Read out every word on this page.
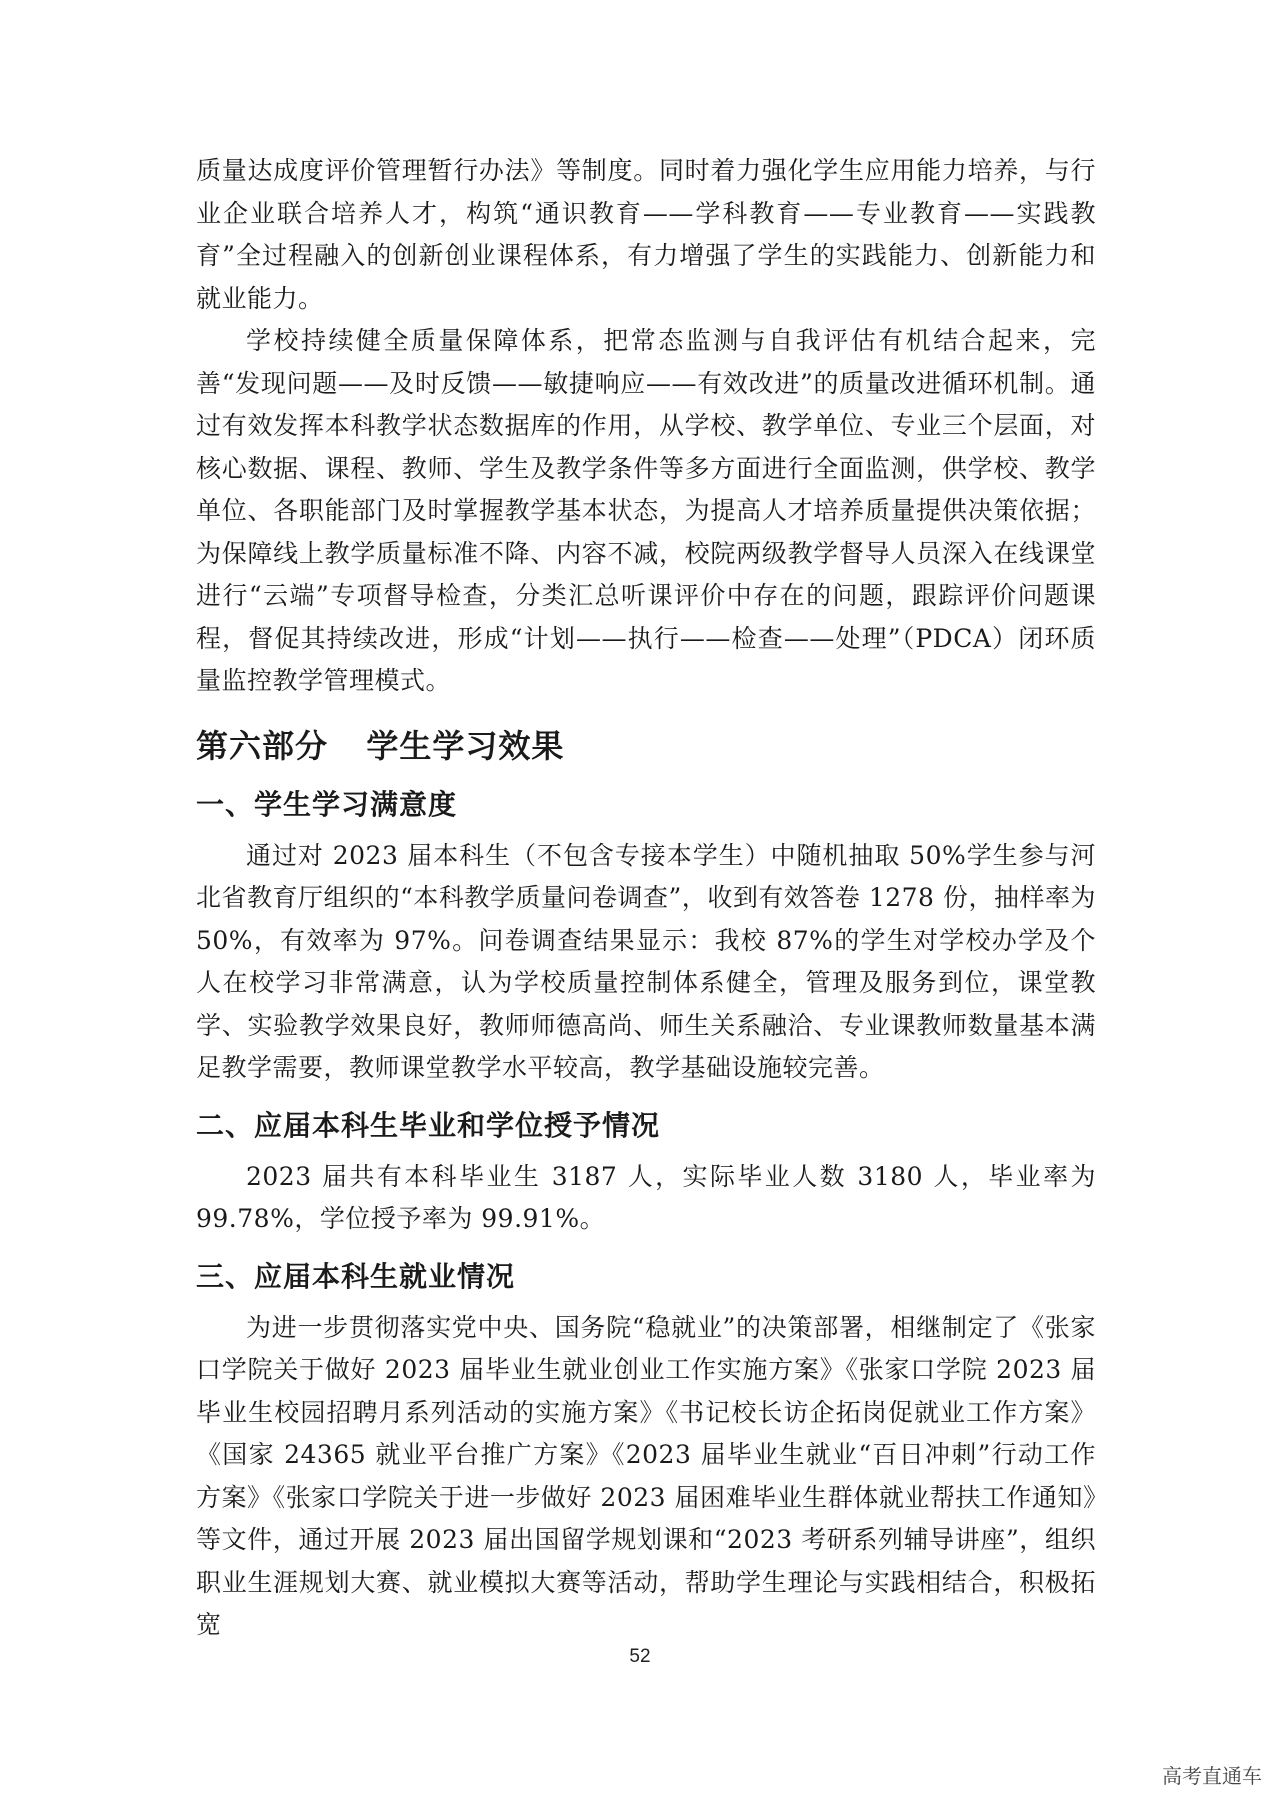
质量达成度评价管理暂行办法》等制度。同时着力强化学生应用能力培养，与行业企业联合培养人才，构筑“通识教育——学科教育——专业教育——实践教育”全过程融入的创新创业课程体系，有力增强了学生的实践能力、创新能力和就业能力。

学校持续健全质量保障体系，把常态监测与自我评估有机结合起来，完善“发现问题——及时反馈——敏捷响应——有效改进”的质量改进循环机制。通过有效发挥本科教学状态数据库的作用，从学校、教学单位、专业三个层面，对核心数据、课程、教师、学生及教学条件等多方面进行全面监测，供学校、教学单位、各职能部门及时掌握教学基本状态，为提高人才培养质量提供决策依据；为保障线上教学质量标准不降、内容不减，校院两级教学督导人员深入在线课堂进行“云端”专项督导检查，分类汇总听课评价中存在的问题，跟踪评价问题课程，督促其持续改进，形成“计划——执行——检查——处理”（PDCA）闭环质量监控教学管理模式。

第六部分 学生学习效果
一、学生学习满意度

通过对 2023 届本科生（不包含专接本学生）中随机抽取 50%学生参与河北省教育厅组织的“本科教学质量问卷调查”，收到有效答卷 1278 份，抽样率为 50%，有效率为 97%。问卷调查结果显示：我校 87%的学生对学校办学及个人在校学习非常满意，认为学校质量控制体系健全，管理及服务到位，课堂教学、实验教学效果良好，教师师德高尚、师生关系融洽、专业课教师数量基本满足教学需要，教师课堂教学水平较高，教学基础设施较完善。

二、应届本科生毕业和学位授予情况

2023 届共有本科毕业生 3187 人，实际毕业人数 3180 人，毕业率为 99.78%，学位授予率为 99.91%。

三、应届本科生就业情况

为进一步贯彻落实党中央、国务院“稳就业”的决策部署，相继制定了《张家口学院关于做好 2023 届毕业生就业创业工作实施方案》《张家口学院 2023 届毕业生校园招聘月系列活动的实施方案》《书记校长访企拓岗促就业工作方案》《国家 24365 就业平台推广方案》《2023 届毕业生就业“百日冲刺”行动工作方案》《张家口学院关于进一步做好 2023 届困难毕业生群体就业帮扶工作通知》等文件，通过开展 2023 届出国留学规划课和“2023 考研系列辅导讲座”，组织职业生涯规划大赛、就业模拟大赛等活动，帮助学生理论与实践相结合，积极拓宽

52
高考直通车
